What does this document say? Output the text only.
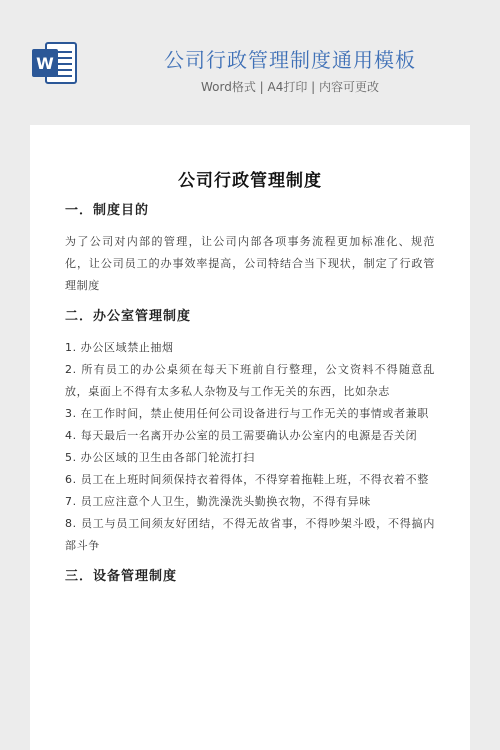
W	公司行政管理制度通用模板
Word格式 | A4打印 | 内容可更改
公司行政管理制度
一．制度目的
为了公司对内部的管理，让公司内部各项事务流程更加标准化、规范化，让公司员工的办事效率提高，公司特结合当下现状，制定了行政管理制度
二．办公室管理制度
1. 办公区域禁止抽烟
2. 所有员工的办公桌须在每天下班前自行整理，公文资料不得随意乱放，桌面上不得有太多私人杂物及与工作无关的东西，比如杂志
3. 在工作时间，禁止使用任何公司设备进行与工作无关的事情或者兼职
4. 每天最后一名离开办公室的员工需要确认办公室内的电源是否关闭
5. 办公区域的卫生由各部门轮流打扫
6. 员工在上班时间须保持衣着得体，不得穿着拖鞋上班，不得衣着不整
7. 员工应注意个人卫生，勤洗澡洗头勤换衣物，不得有异味
8. 员工与员工间须友好团结，不得无故省事，不得吵架斗殴，不得搞内部斗争
三．设备管理制度
